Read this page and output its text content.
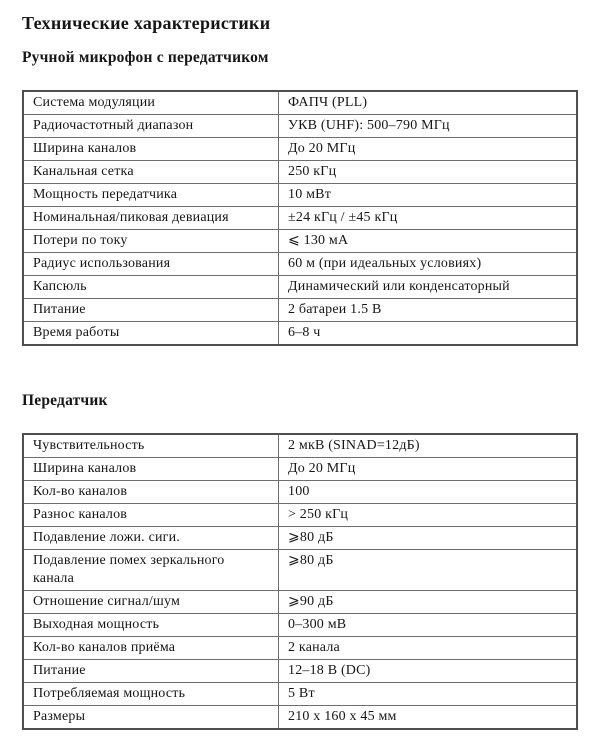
Технические характеристики
Ручной микрофон с передатчиком
Система модуляции	ФАПЧ (PLL)
Радиочастотный диапазон	УКВ (UHF): 500–790 МГц
Ширина каналов	До 20 МГц
Канальная сетка	250 кГц
Мощность передатчика	10 мВт
Номинальная/пиковая девиация	±24 кГц / ±45 кГц
Потери по току	⩽ 130 мА
Радиус использования	60 м (при идеальных условиях)
Капсюль	Динамический или конденсаторный
Питание	2 батареи 1.5 В
Время работы	6–8 ч
Передатчик
Чувствительность	2 мкВ (SINAD=12дБ)
Ширина каналов	До 20 МГц
Кол-во каналов	100
Разнос каналов	> 250 кГц
Подавление ложи. сиги.	⩾80 дБ
Подавление помех зеркального канала	⩾80 дБ
Отношение сигнал/шум	⩾90 дБ
Выходная мощность	0–300 мВ
Кол-во каналов приёма	2 канала
Питание	12–18 В (DC)
Потребляемая мощность	5 Вт
Размеры	210 x 160 x 45 мм
